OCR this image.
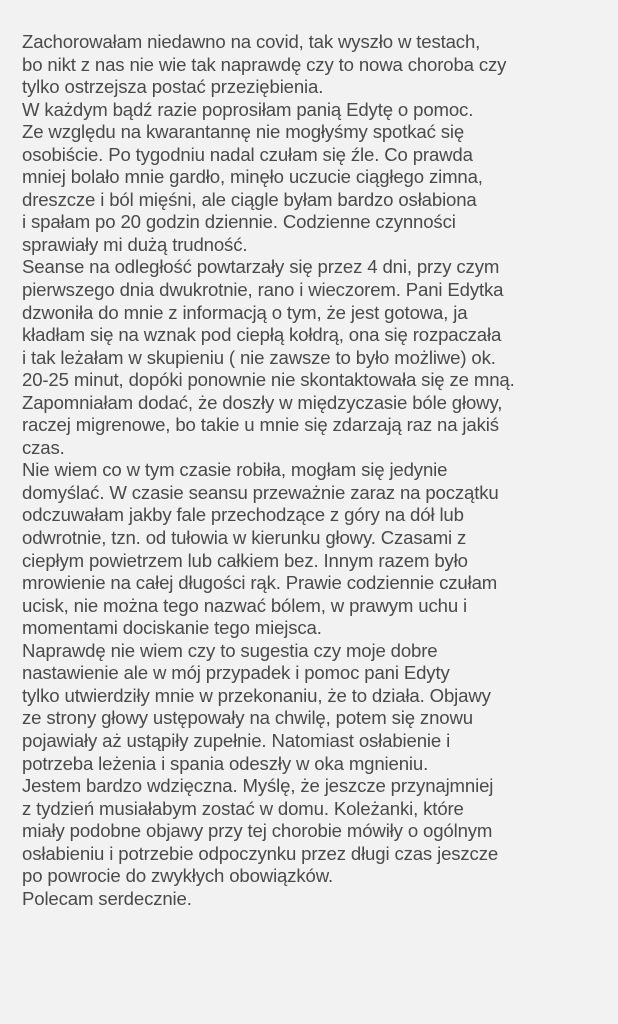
Zachorowałam niedawno na covid, tak wyszło w testach,
bo nikt z nas nie wie tak naprawdę czy to nowa choroba czy
tylko ostrzejsza postać przeziębienia.
W każdym bądź razie poprosiłam panią Edytę o pomoc.
Ze względu na kwarantannę nie mogłyśmy spotkać się
osobiście. Po tygodniu nadal czułam się źle. Co prawda
mniej bolało mnie gardło, minęło uczucie ciągłego zimna,
dreszcze i ból mięśni, ale ciągle byłam bardzo osłabiona
i spałam po 20 godzin dziennie. Codzienne czynności
sprawiały mi dużą trudność.
Seanse na odległość powtarzały się przez 4 dni, przy czym
pierwszego dnia dwukrotnie, rano i wieczorem. Pani Edytka
dzwoniła do mnie z informacją o tym, że jest gotowa, ja
kładłam się na wznak pod ciepłą kołdrą, ona się rozpaczała
i tak leżałam w skupieniu ( nie zawsze to było możliwe) ok.
20-25 minut, dopóki ponownie nie skontaktowała się ze mną.
Zapomniałam dodać, że doszły w międzyczasie bóle głowy,
raczej migrenowe, bo takie u mnie się zdarzają raz na jakiś
czas.
Nie wiem co w tym czasie robiła, mogłam się jedynie
domyślać. W czasie seansu przeważnie zaraz na początku
odczuwałam jakby fale przechodzące z góry na dół lub
odwrotnie, tzn. od tułowia w kierunku głowy. Czasami z
ciepłym powietrzem lub całkiem bez. Innym razem było
mrowienie na całej długości rąk. Prawie codziennie czułam
ucisk, nie można tego nazwać bólem, w prawym uchu i
momentami dociskanie tego miejsca.
Naprawdę nie wiem czy to sugestia czy moje dobre
nastawienie ale w mój przypadek i pomoc pani Edyty
tylko utwierdziły mnie w przekonaniu, że to działa. Objawy
ze strony głowy ustępowały na chwilę, potem się znowu
pojawiały aż ustąpiły zupełnie. Natomiast osłabienie i
potrzeba leżenia i spania odeszły w oka mgnieniu.
Jestem bardzo wdzięczna. Myślę, że jeszcze przynajmniej
z tydzień musiałabym zostać w domu. Koleżanki, które
miały podobne objawy przy tej chorobie mówiły o ogólnym
osłabieniu i potrzebie odpoczynku przez długi czas jeszcze
po powrocie do zwykłych obowiązków.
Polecam serdecznie.
